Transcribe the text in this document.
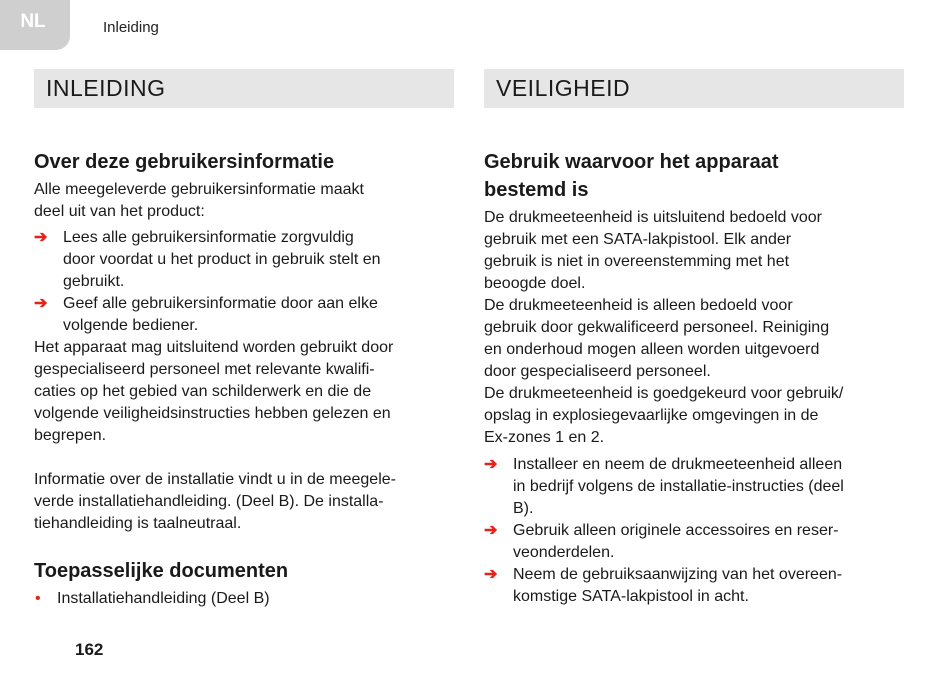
NL	Inleiding
INLEIDING
Over deze gebruikersinformatie

Alle meegeleverde gebruikersinformatie maakt
deel uit van het product:

➔ Lees alle gebruikersinformatie zorgvuldig
door voordat u het product in gebruik stelt en
gebruikt.
➔ Geef alle gebruikersinformatie door aan elke
volgende bediener.

Het apparaat mag uitsluitend worden gebruikt door
gespecialiseerd personeel met relevante kwalifi-
caties op het gebied van schilderwerk en die de
volgende veiligheidsinstructies hebben gelezen en
begrepen.

Informatie over de installatie vindt u in de meegele-
verde installatiehandleiding. (Deel B). De installa-
tiehandleiding is taalneutraal.

Toepasselijke documenten
• Installatiehandleiding (Deel B)
VEILIGHEID
Gebruik waarvoor het apparaat
bestemd is

De drukmeeteenheid is uitsluitend bedoeld voor
gebruik met een SATA-lakpistool. Elk ander
gebruik is niet in overeenstemming met het
beoogde doel.

De drukmeeteenheid is alleen bedoeld voor
gebruik door gekwalificeerd personeel. Reiniging
en onderhoud mogen alleen worden uitgevoerd
door gespecialiseerd personeel.

De drukmeeteenheid is goedgekeurd voor gebruik/
opslag in explosiegevaarlijke omgevingen in de
Ex-zones 1 en 2.

➔ Installeer en neem de drukmeeteenheid alleen
in bedrijf volgens de installatie-instructies (deel
B).
➔ Gebruik alleen originele accessoires en reser-
veonderdelen.
➔ Neem de gebruiksaanwijzing van het overeen-
komstige SATA-lakpistool in acht.
162
